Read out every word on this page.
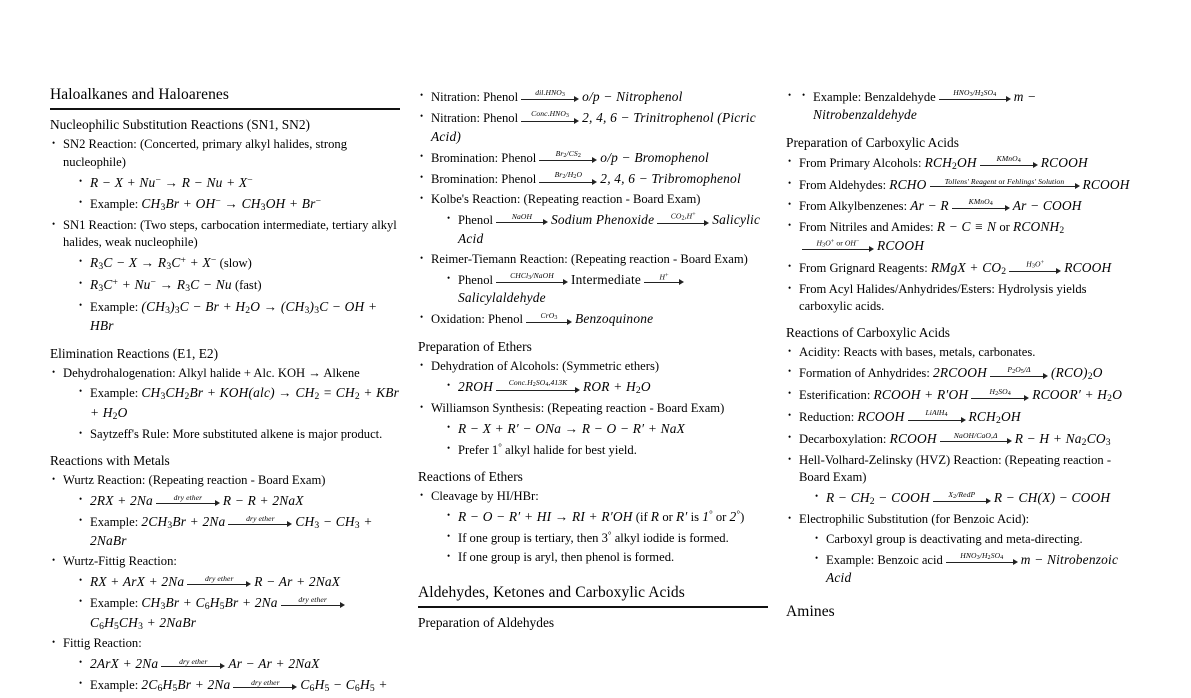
Haloalkanes and Haloarenes
Nucleophilic Substitution Reactions (SN1, SN2)
• SN2 Reaction: (Concerted, primary alkyl halides, strong nucleophile)
• R − X + Nu− → R − Nu + X−
• Example: $CH_3Br + OH^- \to CH_3OH + Br^-$
• SN1 Reaction: (Two steps, carbocation intermediate, tertiary alkyl halides, weak nucleophile)
• $R_3C - X \to R_3C^+ + X^-$ (slow)
• $R_3C^+ + Nu^- \to R_3C - Nu$ (fast)
• Example: $(CH_3)_3C - Br + H_2O \to (CH_3)_3C$ − OH + HBr
Elimination Reactions (E1, E2)
• Dehydrohalogenation: Alkyl halide + Alc. KOH → Alkene
• Example: $CH_3CH_2Br + KOH(alc) \to CH_2 = CH_2$ + KBr + $H_2O$
• Saytzeff's Rule: More substituted alkene is major product.
Reactions with Metals
• Wurtz Reaction: (Repeating reaction - Board Exam)
• 2RX + 2Na	dry ether	R − R + 2NaX
• Example: $2CH_3Br + 2Na$	dry ether	$CH_3 - CH_3$ + 2NaBr
• Wurtz-Fittig Reaction:
• RX + ArX + 2Na	dry ether	R − Ar + 2NaX
• Example: $CH_3Br + C_6H_5Br + 2Na$	dry ether
$C_6H_5CH_3$ + 2NaBr
• Fittig Reaction:
• 2ArX + 2Na	dry ether	Ar − Ar + 2NaX
• Example: $2C_6H_5Br + 2Na$	dry ether	$C_6H_5 - C_6H_5$ +
• Nitration: Phenol	$dil.HNO_3$	o/p − Nitrophenol
• Nitration: Phenol	$Conc.HNO_3$ 2, 4, 6 − Trinitrophenol (Picric Acid)
• Bromination: Phenol	$Br_2/CS_2$	o/p − Bromophenol
• Bromination: Phenol	$Br_2/H_2O$	2, 4, 6 − Tribromophenol
• Kolbe's Reaction: (Repeating reaction - Board Exam)
• Phenol	NaOH	Sodium Phenoxide	$CO_2,H^+$	Salicylic Acid
• Reimer-Tiemann Reaction: (Repeating reaction - Board Exam)
• Phenol	CHCl$_3$/NaOH	Intermediate	H+
Salicylaldehyde
• Oxidation: Phenol	CrO$_3$	Benzoquinone
Preparation of Ethers
• Dehydration of Alcohols: (Symmetric ethers)
• 2ROH	$Conc.H_2SO_4,413K$	ROR + $H_2O$
• Williamson Synthesis: (Repeating reaction - Board Exam)
• R − X + R′ − ONa → R − O − R′ + NaX
• Prefer 1° alkyl halide for best yield.
Reactions of Ethers
• Cleavage by HI/HBr:
• R − O − R′ + HI → RI + R′OH (if R or R′ is 1° or 2°)
• If one group is tertiary, then 3° alkyl iodide is formed.
• If one group is aryl, then phenol is formed.
Aldehydes, Ketones and Carboxylic Acids
Preparation of Aldehydes
• • Example: Benzaldehyde	$HNO_3/H_2SO_4$	m − Nitrobenzaldehyde
Preparation of Carboxylic Acids
• From Primary Alcohols: $RCH_2OH$	KMnO$_4$	RCOOH
• From Aldehydes: RCHO	Tollens′ Reagent or Fehlings′ Solution	RCOOH
• From Alkylbenzenes: Ar − R	KMnO$_4$	Ar − COOH
• From Nitriles and Amides: R − C ≡ N or $RCONH_2$
$H_3O^+$ or OH−	RCOOH
• From Grignard Reagents: RMgX + $CO_2$
$H_3O^+$	RCOOH
• From Acyl Halides/Anhydrides/Esters: Hydrolysis yields carboxylic acids.
Reactions of Carboxylic Acids
• Acidity: Reacts with bases, metals, carbonates.
• Formation of Anhydrides: 2RCOOH	$P_2O_5/\Delta$	$(RCO)_2O$
• Esterification: RCOOH + R′OH	$H_2SO_4$	RCOOR′ + $H_2O$
• Reduction: RCOOH	LiAlH$_4$	$RCH_2OH$
• Decarboxylation: RCOOH	NaOH/CaO,Δ	$R - H + Na_2CO_3$
• Hell-Volhard-Zelinsky (HVZ) Reaction: (Repeating reaction - Board Exam)
• $R - CH_2$ − COOH	$X_2$/RedP	R − CH(X) − COOH
• Electrophilic Substitution (for Benzoic Acid):
• Carboxyl group is deactivating and meta-directing.
• Example: Benzoic acid	$HNO_3/H_2SO_4$	m − Nitrobenzoic Acid
Amines
